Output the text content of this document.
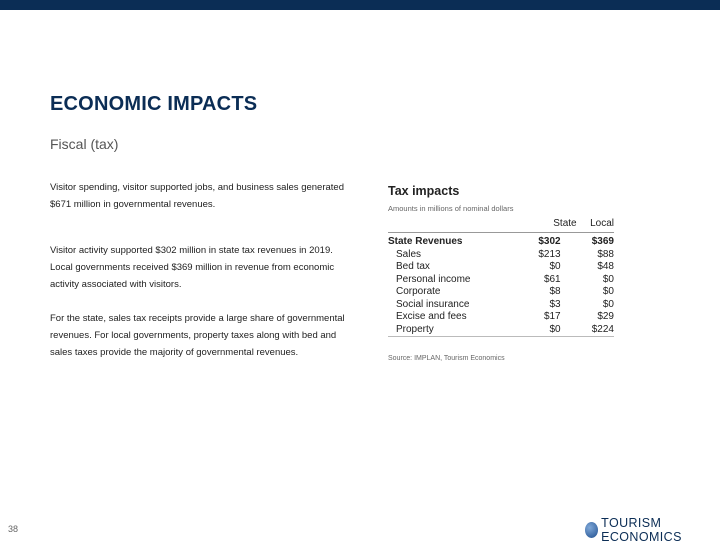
ECONOMIC IMPACTS
Fiscal (tax)

Visitor spending, visitor supported jobs, and business sales generated $671 million in governmental revenues.

Visitor activity supported $302 million in state tax revenues in 2019. Local governments received $369 million in revenue from economic activity associated with visitors.

For the state, sales tax receipts provide a large share of governmental revenues. For local governments, property taxes along with bed and sales taxes provide the majority of governmental revenues.

Tax impacts
Amounts in millions of nominal dollars
	State	Local
State Revenues	$302	$369
Sales	$213	$88
Bed tax	$0	$48
Personal income	$61	$0
Corporate	$8	$0
Social insurance	$3	$0
Excise and fees	$17	$29
Property	$0	$224
Source: IMPLAN, Tourism Economics
38	TOURISM ECONOMICS
